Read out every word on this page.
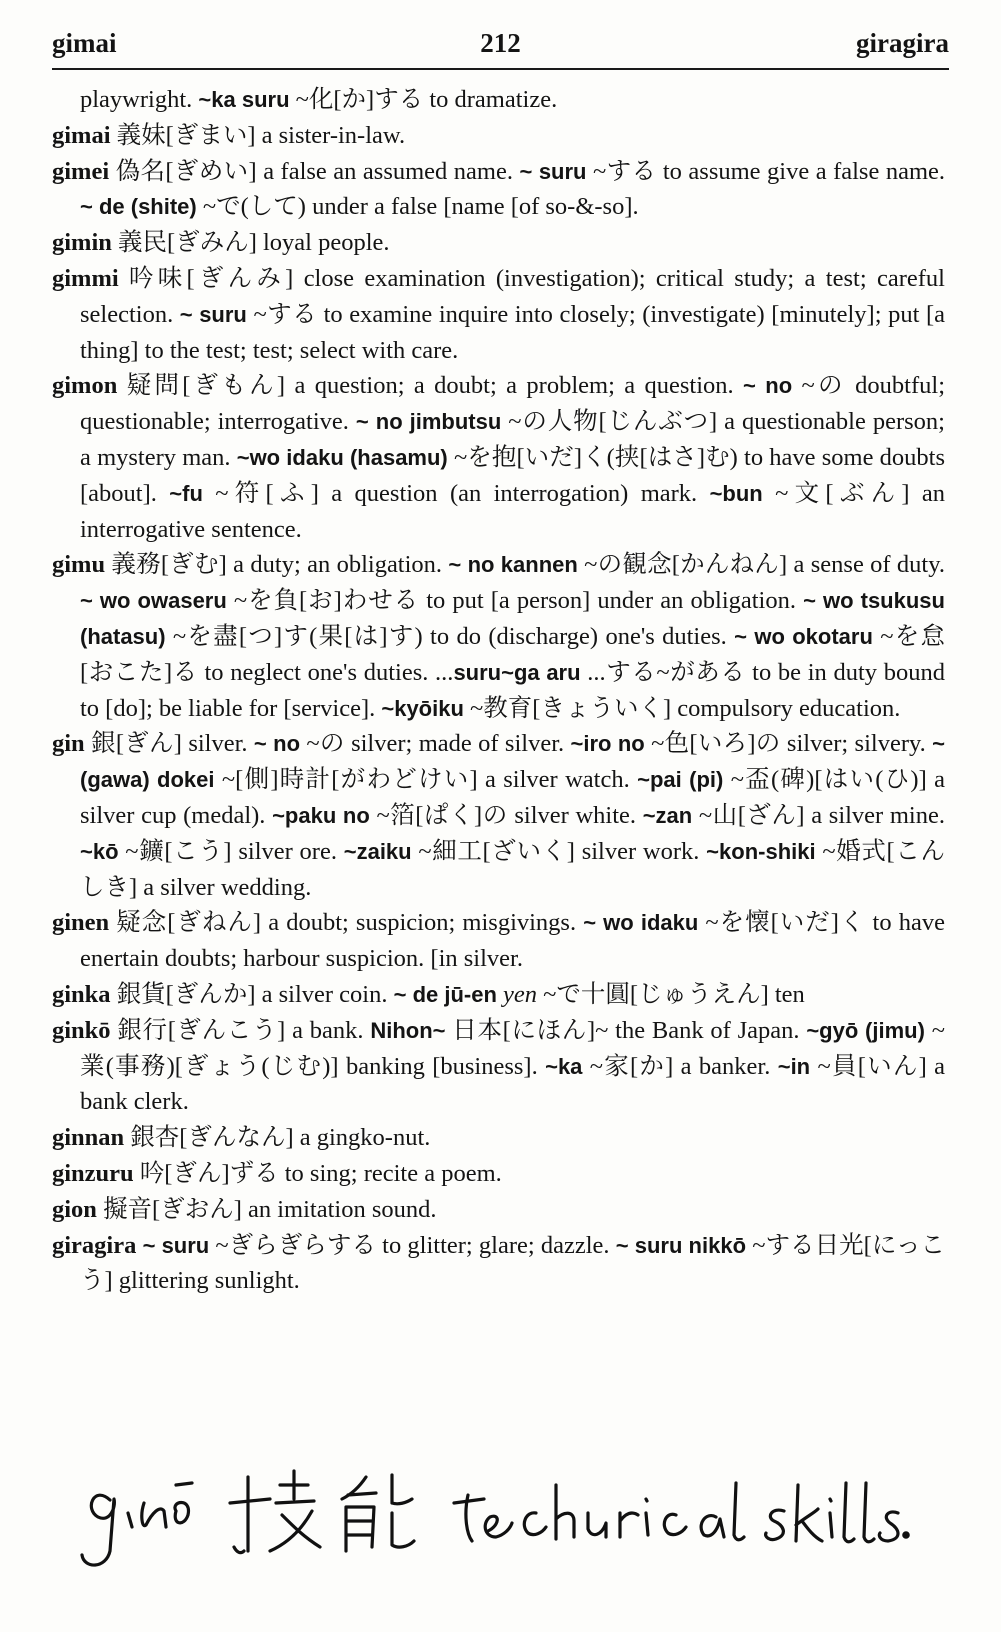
gimai	212	giragira
playwright. ~ka suru ~化[か]する to dramatize.
gimai 義妹[ぎまい] a sister-in-law.
gimei 偽名[ぎめい] a false an assumed name. ~ suru ~する to assume give a false name. ~ de (shite) ~で(して) under a false [name [of so-&-so].
gimin 義民[ぎみん] loyal people.
gimmi 吟味[ぎんみ] close examination (investigation); critical study; a test; careful selection. ~ suru ~する to examine inquire into closely; (investigate) [minutely]; put [a thing] to the test; test; select with care.
gimon 疑問[ぎもん] a question; a doubt; a problem; a question. ~ no ~の doubtful; questionable; interrogative. ~ no jimbutsu ~の人物[じんぶつ] a questionable person; a mystery man. ~wo idaku (hasamu) ~を抱[いだ]く(挟[はさ]む) to have some doubts [about]. ~fu ~符[ふ] a question (an interrogation) mark. ~bun ~文[ぶん] an interrogative sentence.
gimu 義務[ぎむ] a duty; an obligation. ~ no kannen ~の観念[かんねん] a sense of duty. ~ wo owaseru ~を負[お]わせる to put [a person] under an obligation. ~ wo tsukusu (hatasu) ~を盡[つ]す(果[は]す) to do (discharge) one's duties. ~ wo okotaru ~を怠[おこた]る to neglect one's duties. ...suru~ga aru ...する~がある to be in duty bound to [do]; be liable for [service]. ~kyōiku ~教育[きょういく] compulsory education.
gin 銀[ぎん] silver. ~ no ~の silver; made of silver. ~iro no ~色[いろ]の silver; silvery. ~ (gawa) dokei ~[側]時計[がわどけい] a silver watch. ~pai (pi) ~盃(碑)[はい(ひ)] a silver cup (medal). ~paku no ~箔[ぱく]の silver white. ~zan ~山[ざん] a silver mine. ~kō ~鑛[こう] silver ore. ~zaiku ~細工[ざいく] silver work. ~kon-shiki ~婚式[こんしき] a silver wedding.
ginen 疑念[ぎねん] a doubt; suspicion; misgivings. ~ wo idaku ~を懐[いだ]く to have enertain doubts; harbour suspicion. [in silver.
ginka 銀貨[ぎんか] a silver coin. ~ de jū-en yen ~で十圓[じゅうえん] ten
ginkō 銀行[ぎんこう] a bank. Nihon~ 日本[にほん]~ the Bank of Japan. ~gyō (jimu) ~業(事務)[ぎょう(じむ)] banking [business]. ~ka ~家[か] a banker. ~in ~員[いん] a bank clerk.
ginnan 銀杏[ぎんなん] a gingko-nut.
ginzuru 吟[ぎん]ずる to sing; recite a poem.
gion 擬音[ぎおん] an imitation sound.
giragira ~ suru ~ぎらぎらする to glitter; glare; dazzle. ~ suru nikkō ~する日光[にっこう] glittering sunlight.
